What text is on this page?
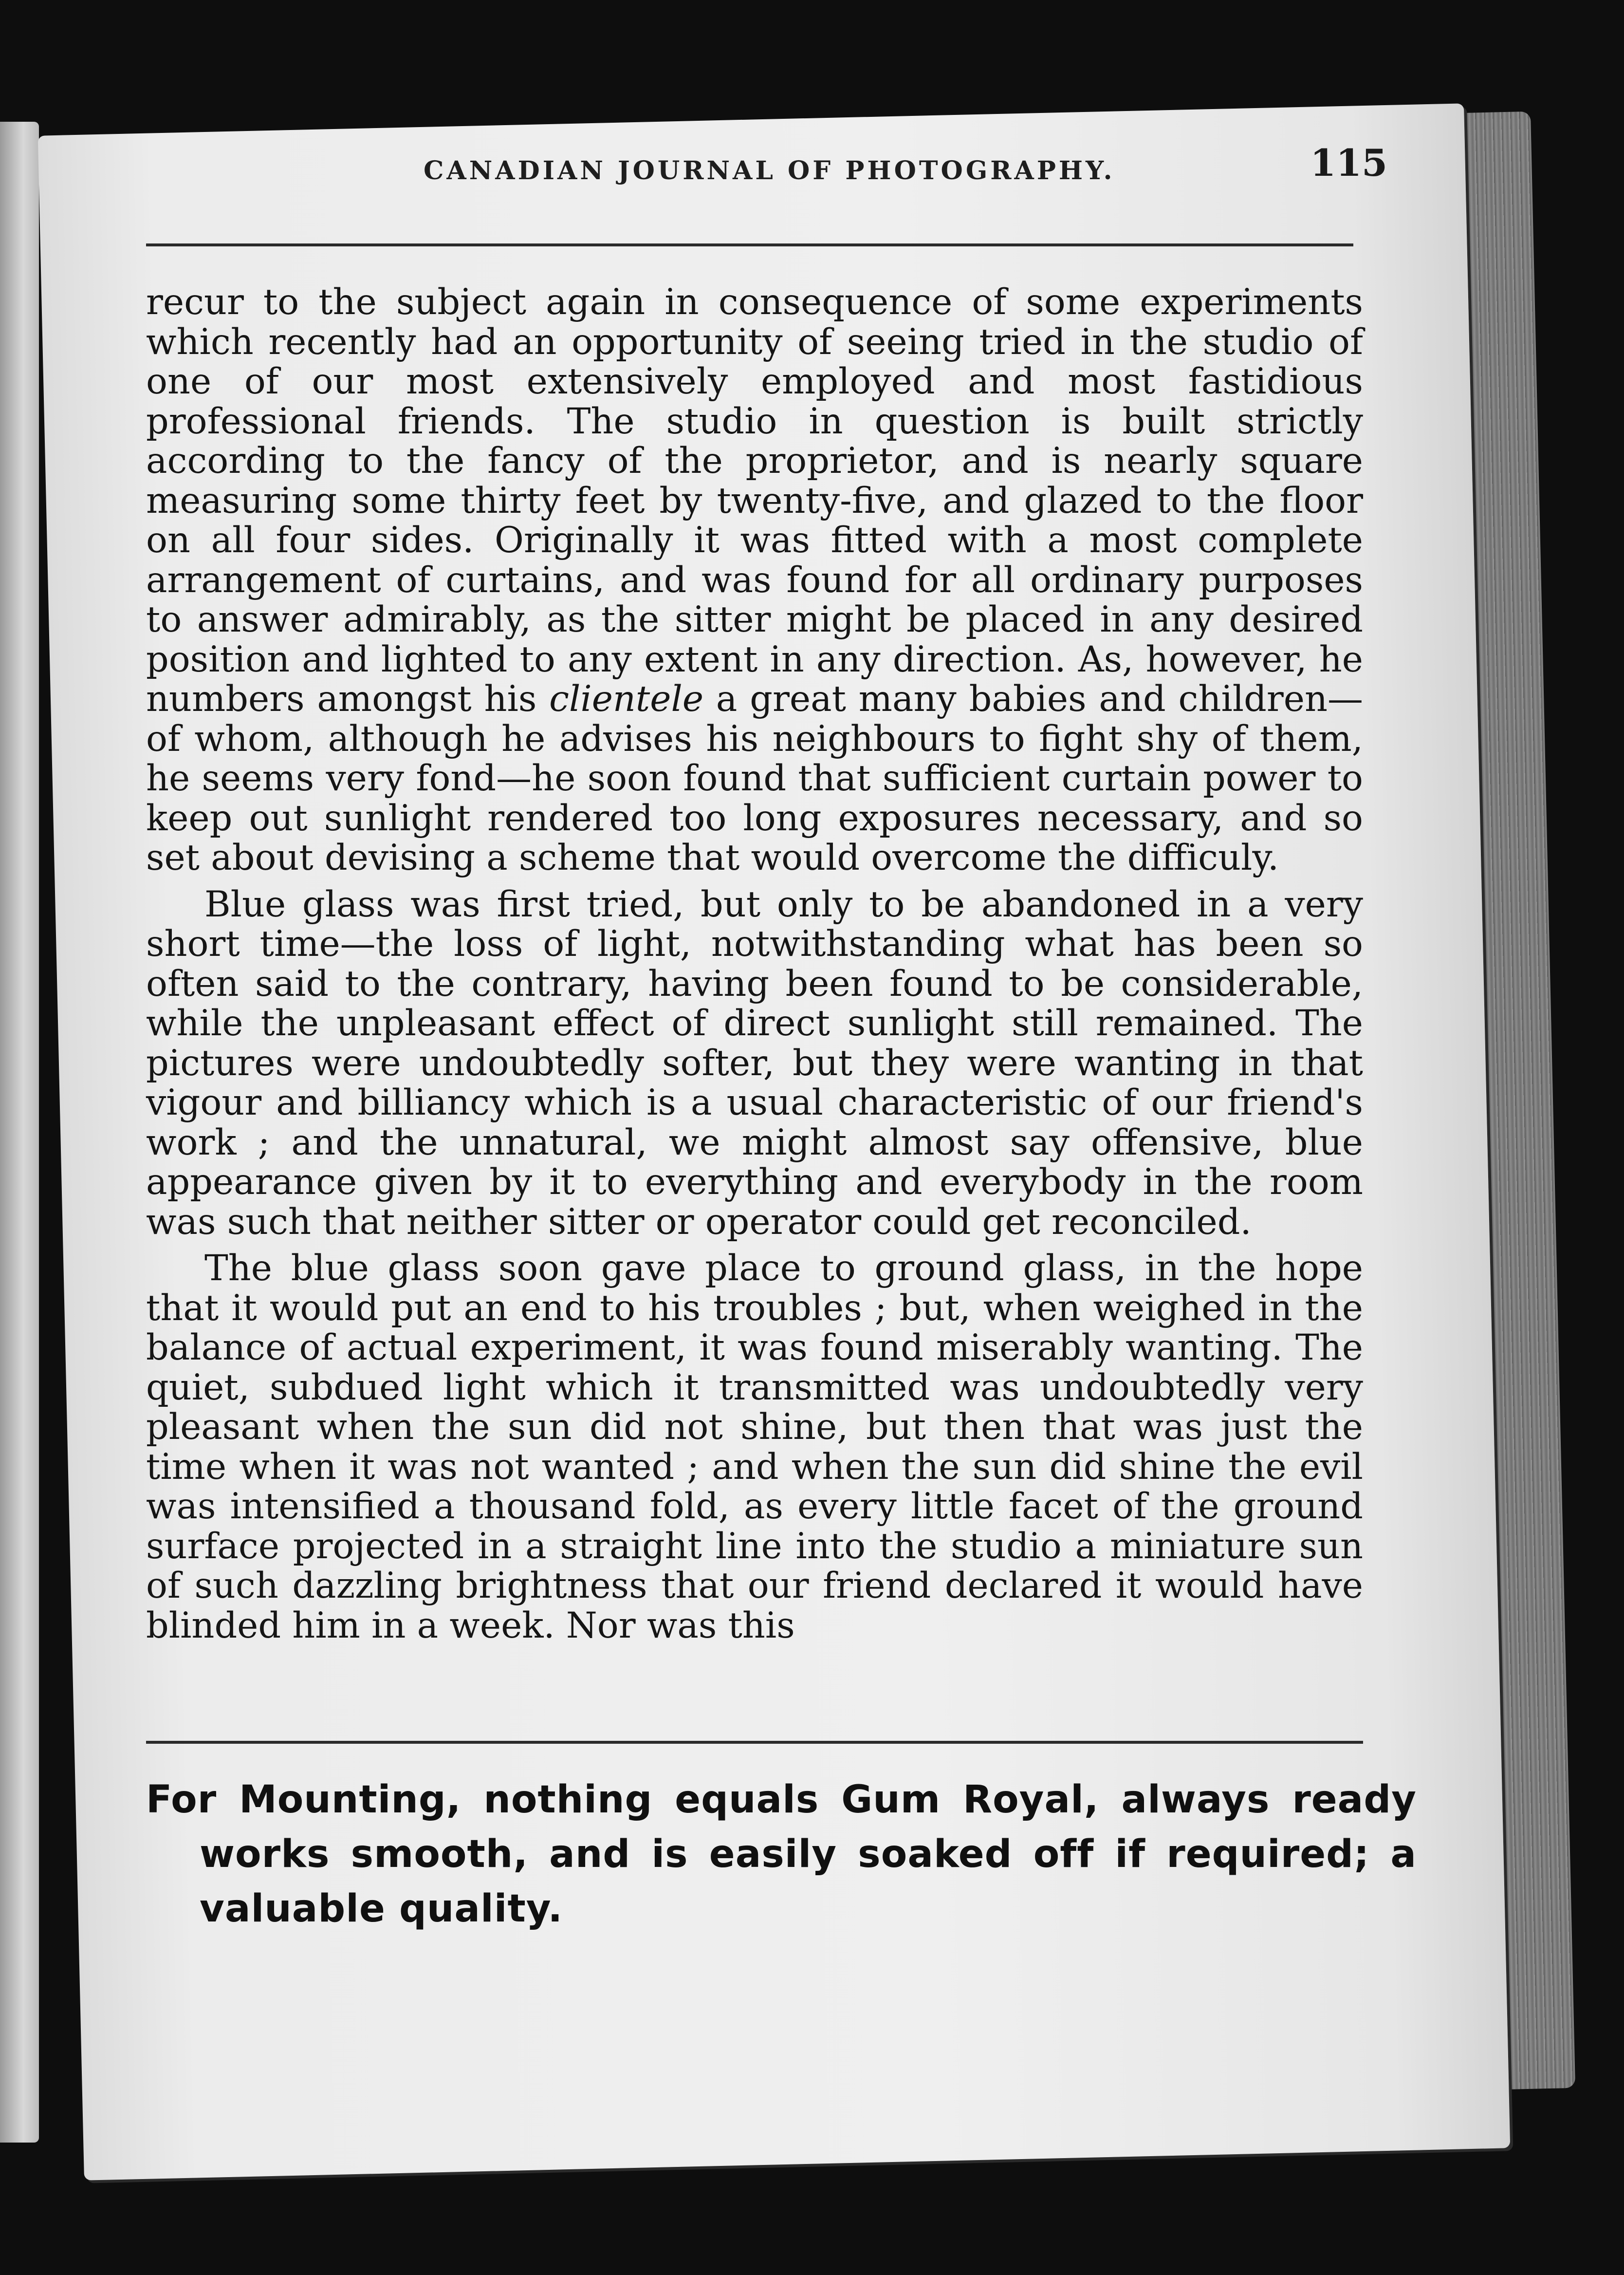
CANADIAN JOURNAL OF PHOTOGRAPHY.	115

recur to the subject again in consequence of some experiments which recently had an opportunity of seeing tried in the studio of one of our most extensively employed and most fastidious professional friends. The studio in question is built strictly according to the fancy of the proprietor, and is nearly square measuring some thirty feet by twenty-five, and glazed to the floor on all four sides. Originally it was fitted with a most complete arrangement of curtains, and was found for all ordinary purposes to answer admirably, as the sitter might be placed in any desired position and lighted to any extent in any direction. As, however, he numbers amongst his clientele a great many babies and children—of whom, although he advises his neighbours to fight shy of them, he seems very fond—he soon found that sufficient curtain power to keep out sunlight rendered too long exposures necessary, and so set about devising a scheme that would overcome the difficuly.

Blue glass was first tried, but only to be abandoned in a very short time—the loss of light, notwithstanding what has been so often said to the contrary, having been found to be considerable, while the unpleasant effect of direct sunlight still remained. The pictures were undoubtedly softer, but they were wanting in that vigour and billiancy which is a usual characteristic of our friend's work ; and the unnatural, we might almost say offensive, blue appearance given by it to everything and everybody in the room was such that neither sitter or operator could get reconciled.

The blue glass soon gave place to ground glass, in the hope that it would put an end to his troubles ; but, when weighed in the balance of actual experiment, it was found miserably wanting. The quiet, subdued light which it transmitted was undoubtedly very pleasant when the sun did not shine, but then that was just the time when it was not wanted ; and when the sun did shine the evil was intensified a thousand fold, as every little facet of the ground surface projected in a straight line into the studio a miniature sun of such dazzling brightness that our friend declared it would have blinded him in a week. Nor was this

For Mounting, nothing equals Gum Royal, always ready works smooth, and is easily soaked off if required; a valuable quality.
